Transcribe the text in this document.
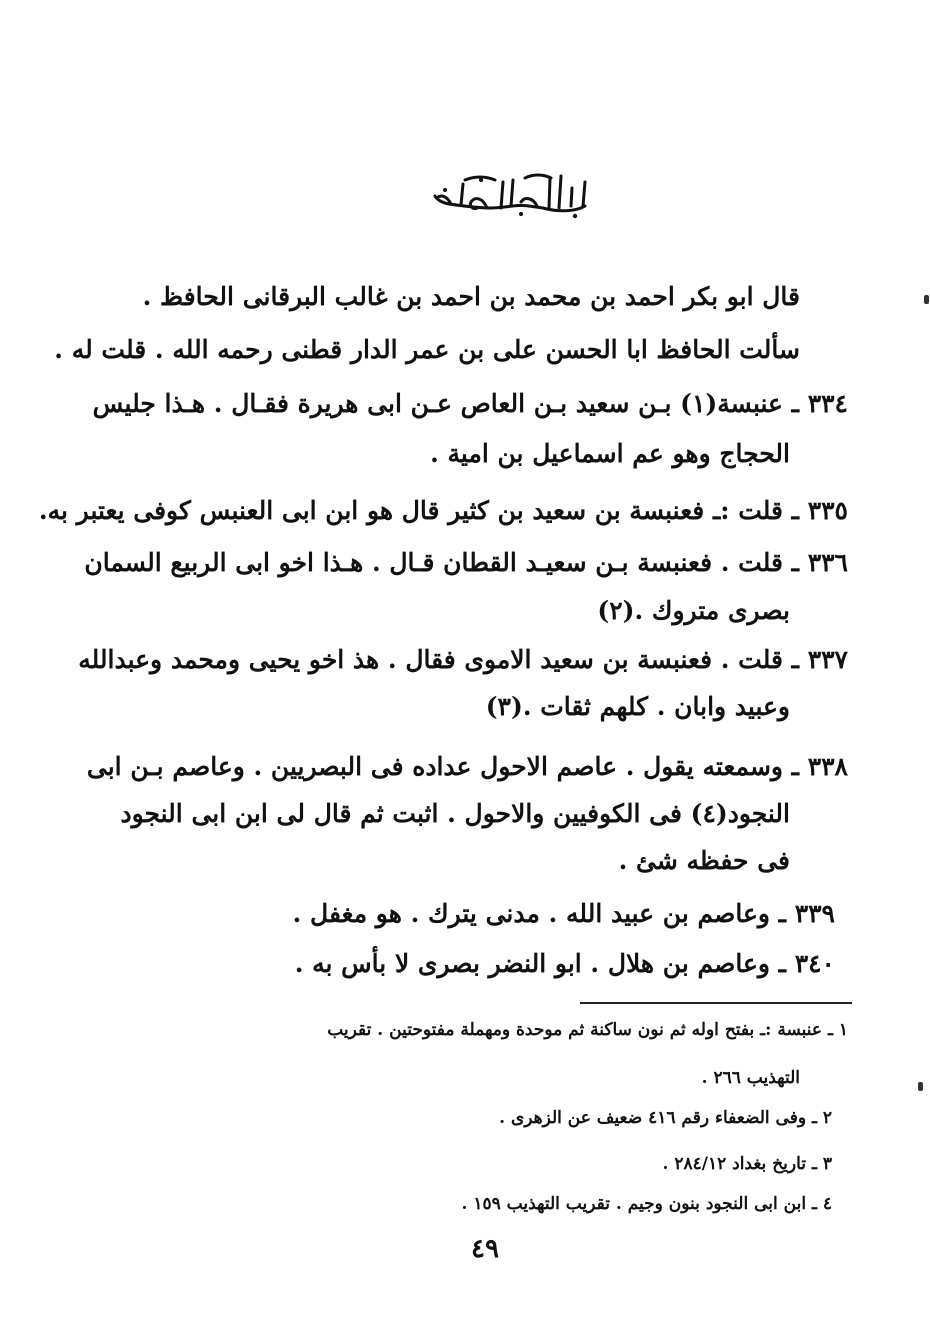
قال ابو بكر احمد بن محمد بن احمد بن غالب البرقانى الحافظ .
سألت الحافظ ابا الحسن على بن عمر الدار قطنى رحمه الله . قلت له .
٣٣٤ ـ عنبسة(١) بـن سعيد بـن العاص عـن ابى هريرة فقـال . هـذا جليس
الحجاج وهو عم اسماعيل بن امية .
٣٣٥ ـ قلت :ـ فعنبسة بن سعيد بن كثير قال هو ابن ابى العنبس كوفى يعتبر به.
٣٣٦ ـ قلت . فعنبسة بـن سعيـد القطان قـال . هـذا اخو ابى الربيع السمان
بصرى متروك .(٢)
٣٣٧ ـ قلت . فعنبسة بن سعيد الاموى فقال . هذ اخو يحيى ومحمد وعبدالله
وعبيد وابان . كلهم ثقات .(٣)
٣٣٨ ـ وسمعته يقول . عاصم الاحول عداده فى البصريين . وعاصم بـن ابى
النجود(٤) فى الكوفيين والاحول . اثبت ثم قال لى ابن ابى النجود
فى حفظه شئ .
٣٣٩ ـ وعاصم بن عبيد الله . مدنى يترك . هو مغفل .
٣٤٠ ـ وعاصم بن هلال . ابو النضر بصرى لا بأس به .
١ ـ عنبسة :ـ بفتح اوله ثم نون ساكنة ثم موحدة ومهملة مفتوحتين . تقريب
التهذيب ٢٦٦ .
٢ ـ وفى الضعفاء رقم ٤١٦ ضعيف عن الزهرى .
٣ ـ تاريخ بغداد ٢٨٤/١٢ .
٤ ـ ابن ابى النجود بنون وجيم . تقريب التهذيب ١٥٩ .
٤٩
